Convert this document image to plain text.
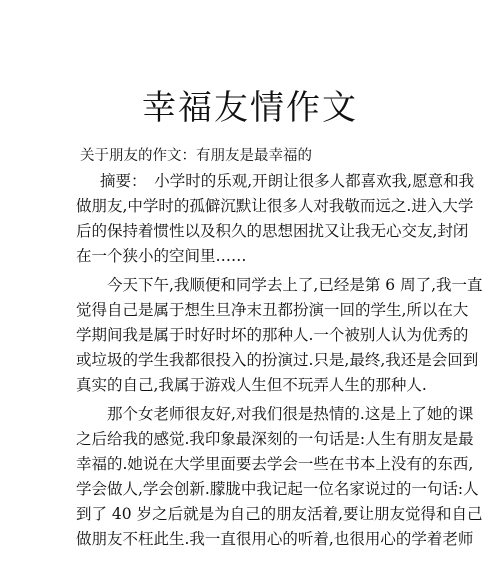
幸福友情作文

关于朋友的作文：有朋友是最幸福的

摘要：　小学时的乐观,开朗让很多人都喜欢我,愿意和我

做朋友,中学时的孤僻沉默让很多人对我敬而远之.进入大学

后的保持着惯性以及积久的思想困扰又让我无心交友,封闭

在一个狭小的空间里……

今天下午,我顺便和同学去上了,已经是第 6 周了,我一直

觉得自己是属于想生旦净末丑都扮演一回的学生,所以在大

学期间我是属于时好时坏的那种人.一个被别人认为优秀的

或垃圾的学生我都很投入的扮演过.只是,最终,我还是会回到

真实的自己,我属于游戏人生但不玩弄人生的那种人.

那个女老师很友好,对我们很是热情的.这是上了她的课

之后给我的感觉.我印象最深刻的一句话是:人生有朋友是最

幸福的.她说在大学里面要去学会一些在书本上没有的东西,

学会做人,学会创新.朦胧中我记起一位名家说过的一句话:人

到了 40 岁之后就是为自己的朋友活着,要让朋友觉得和自己

做朋友不枉此生.我一直很用心的听着,也很用心的学着老师
